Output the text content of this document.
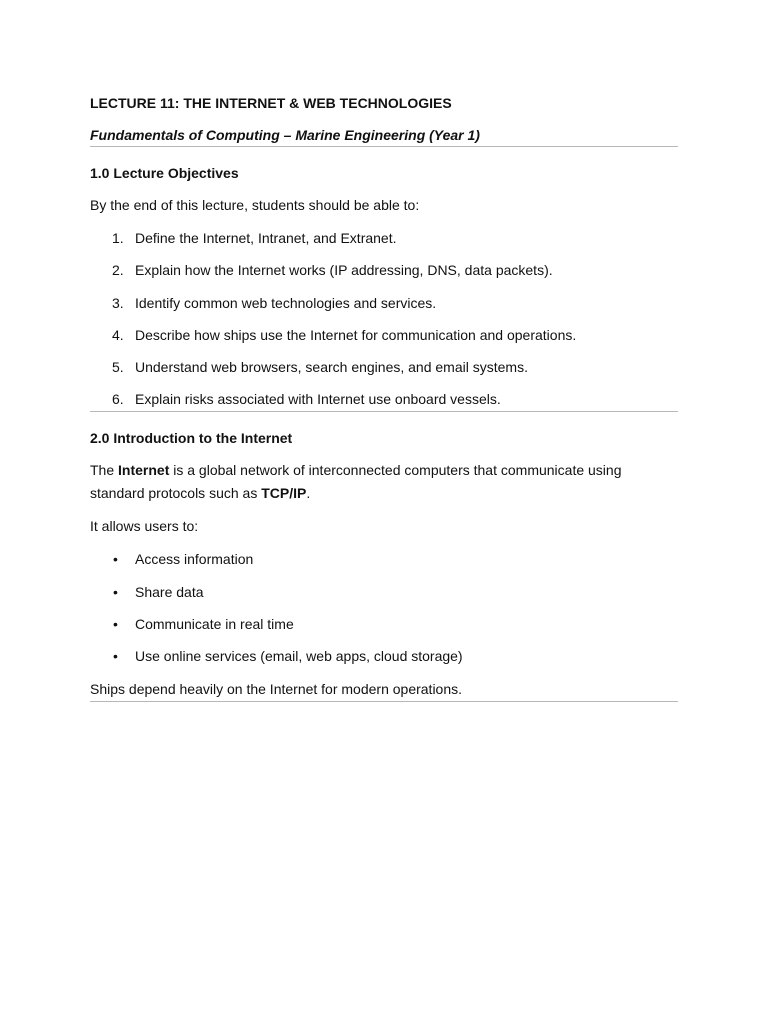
LECTURE 11: THE INTERNET & WEB TECHNOLOGIES

Fundamentals of Computing – Marine Engineering (Year 1)

1.0 Lecture Objectives

By the end of this lecture, students should be able to:

1. Define the Internet, Intranet, and Extranet.
2. Explain how the Internet works (IP addressing, DNS, data packets).
3. Identify common web technologies and services.
4. Describe how ships use the Internet for communication and operations.
5. Understand web browsers, search engines, and email systems.
6. Explain risks associated with Internet use onboard vessels.

2.0 Introduction to the Internet

The Internet is a global network of interconnected computers that communicate using standard protocols such as TCP/IP.

It allows users to:

• Access information
• Share data
• Communicate in real time
• Use online services (email, web apps, cloud storage)

Ships depend heavily on the Internet for modern operations.
